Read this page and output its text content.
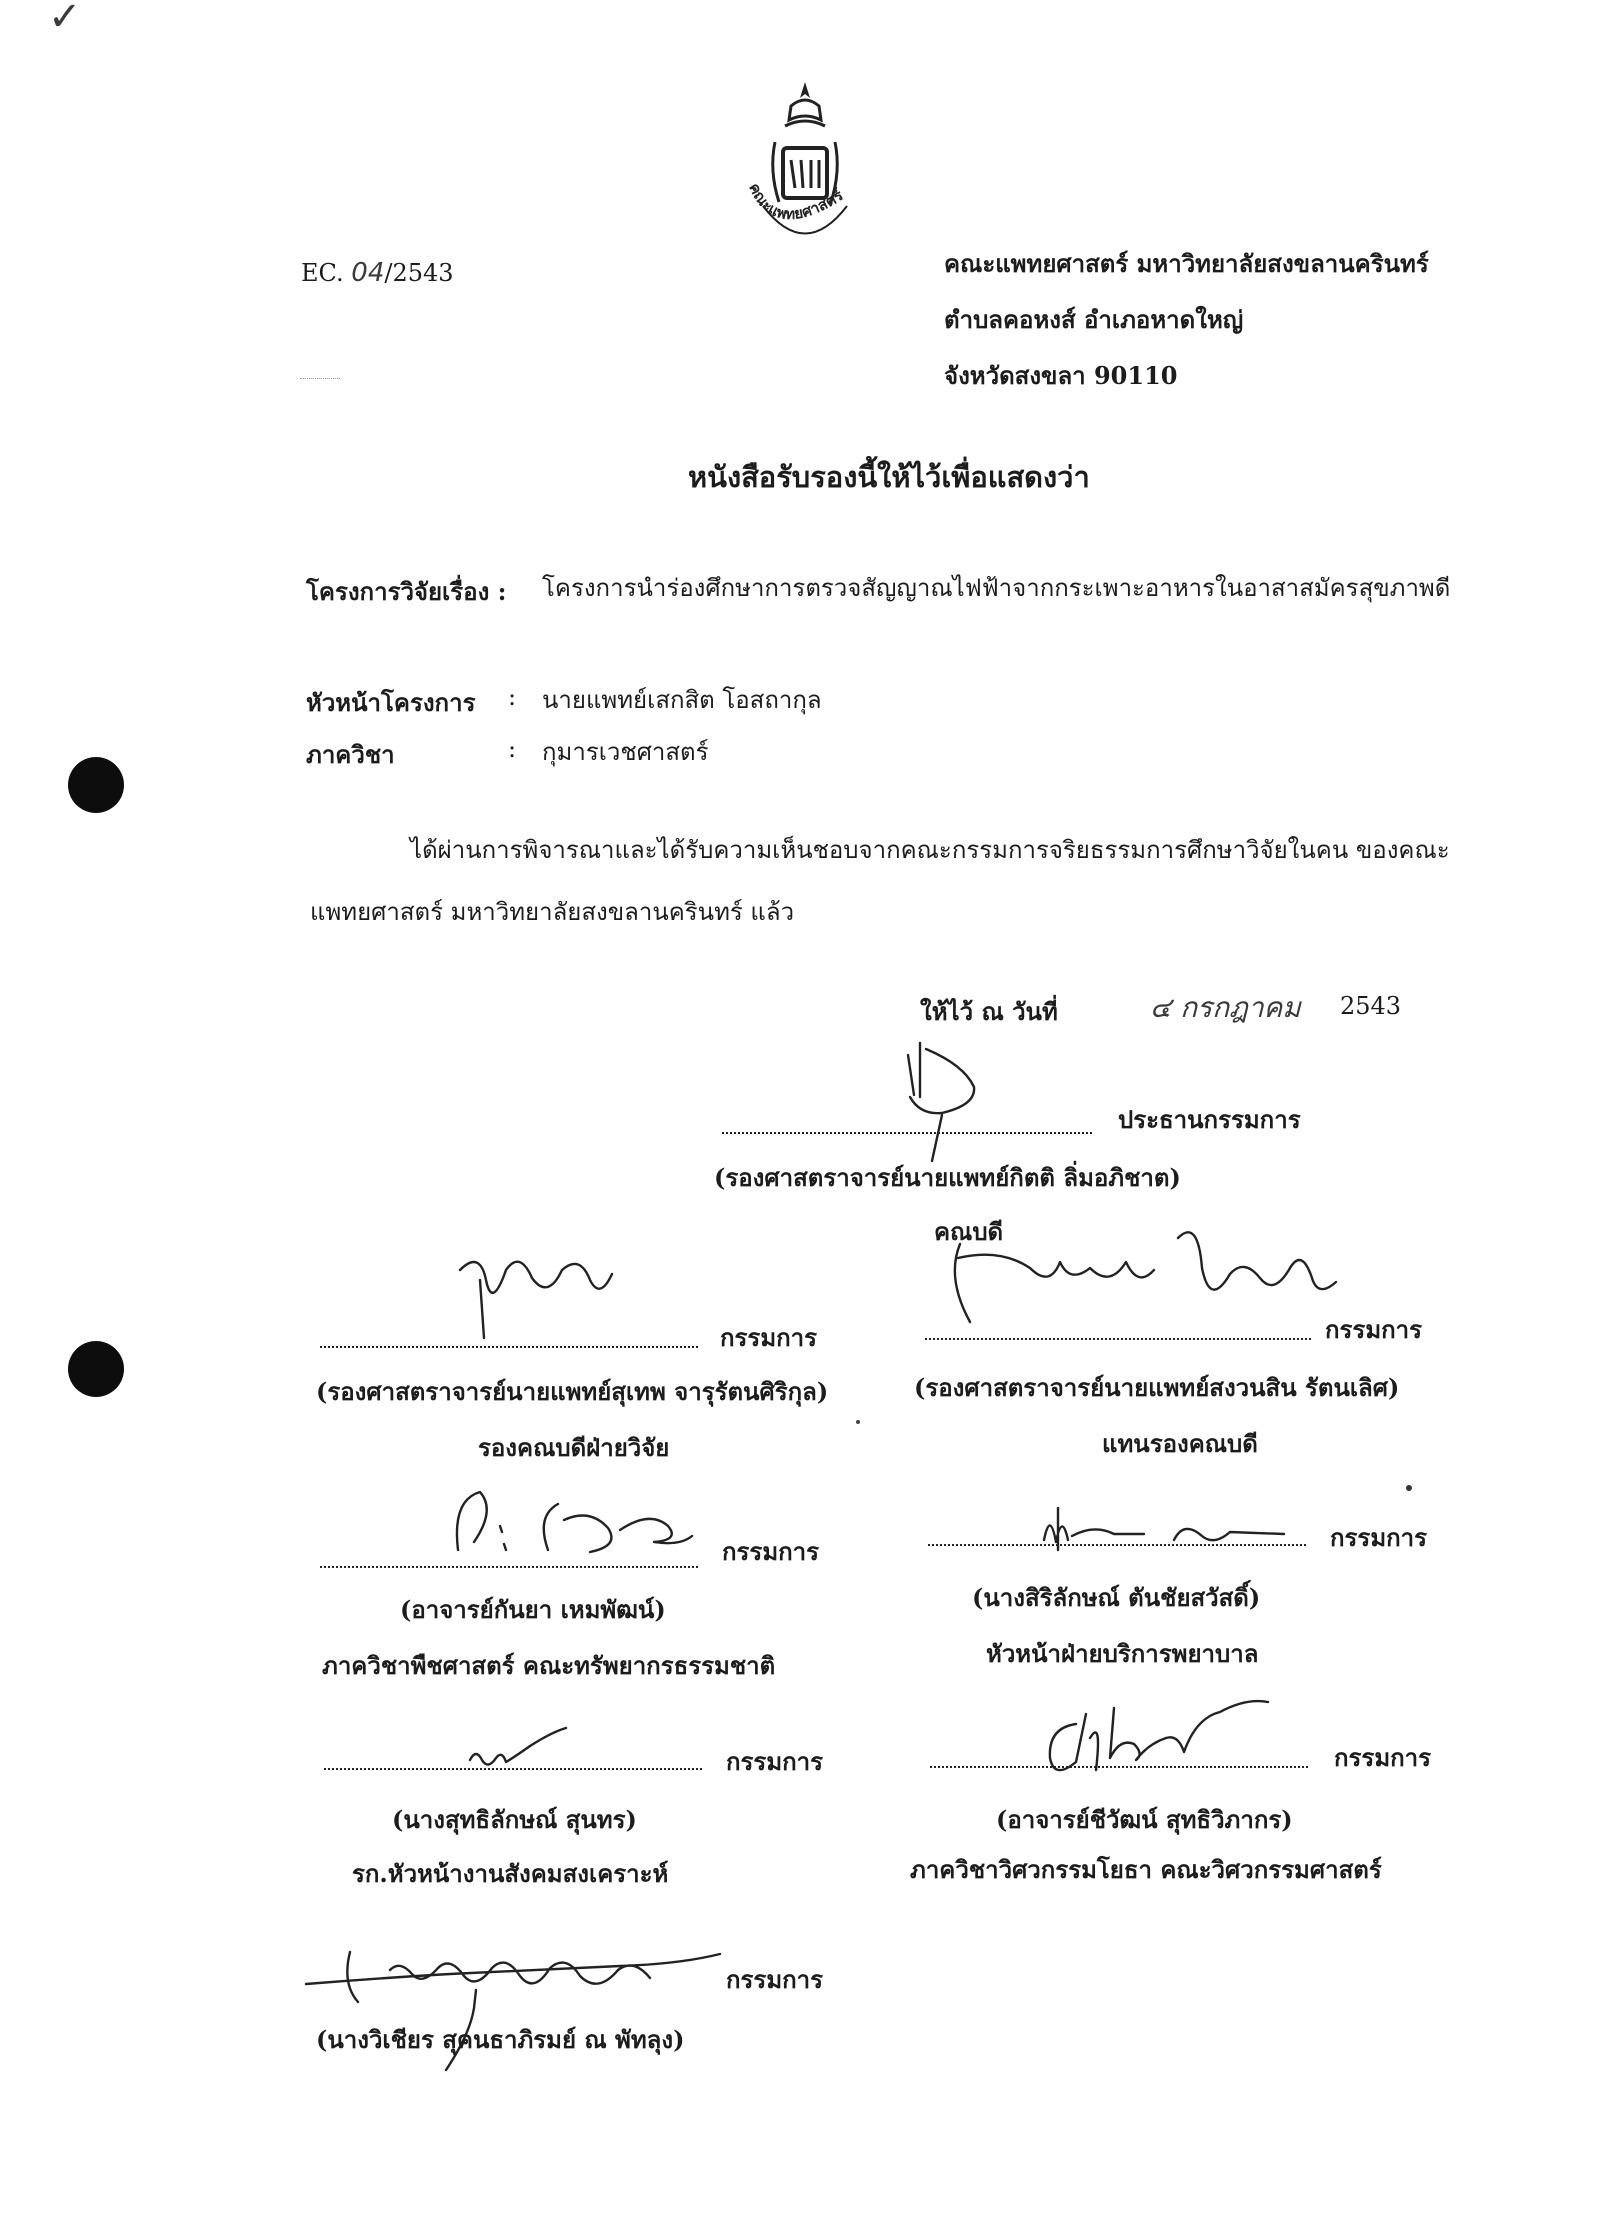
✓
คณะแพทยศาสตร์
EC. 04/2543	คณะแพทยศาสตร์ มหาวิทยาลัยสงขลานครินทร์
ตำบลคอหงส์ อำเภอหาดใหญ่
จังหวัดสงขลา 90110
หนังสือรับรองนี้ให้ไว้เพื่อแสดงว่า
โครงการวิจัยเรื่อง : โครงการนำร่องศึกษาการตรวจสัญญาณไฟฟ้าจากกระเพาะอาหารในอาสาสมัครสุขภาพดี
หัวหน้าโครงการ : นายแพทย์เสกสิต โอสถากุล
ภาควิชา	: กุมารเวชศาสตร์
ได้ผ่านการพิจารณาและได้รับความเห็นชอบจากคณะกรรมการจริยธรรมการศึกษาวิจัยในคน ของคณะ
แพทยศาสตร์ มหาวิทยาลัยสงขลานครินทร์ แล้ว
ให้ไว้ ณ วันที่	๔ กรกฎาคม 2543
ประธานกรรมการ
(รองศาสตราจารย์นายแพทย์กิตติ ลิ่มอภิชาต)
คณบดี
กรรมการ
(รองศาสตราจารย์นายแพทย์สุเทพ จารุรัตนศิริกุล)
รองคณบดีฝ่ายวิจัย
กรรมการ
(รองศาสตราจารย์นายแพทย์สงวนสิน รัตนเลิศ)
แทนรองคณบดี
กรรมการ
(อาจารย์กันยา เหมพัฒน์)
ภาควิชาพืชศาสตร์ คณะทรัพยากรธรรมชาติ
กรรมการ
(นางสิริลักษณ์ ตันชัยสวัสดิ์)
หัวหน้าฝ่ายบริการพยาบาล
กรรมการ
(นางสุทธิลักษณ์ สุนทร)
รก.หัวหน้างานสังคมสงเคราะห์
กรรมการ
(อาจารย์ชีวัฒน์ สุทธิวิภากร)
ภาควิชาวิศวกรรมโยธา คณะวิศวกรรมศาสตร์
กรรมการ
(นางวิเชียร สุคนธาภิรมย์ ณ พัทลุง)
